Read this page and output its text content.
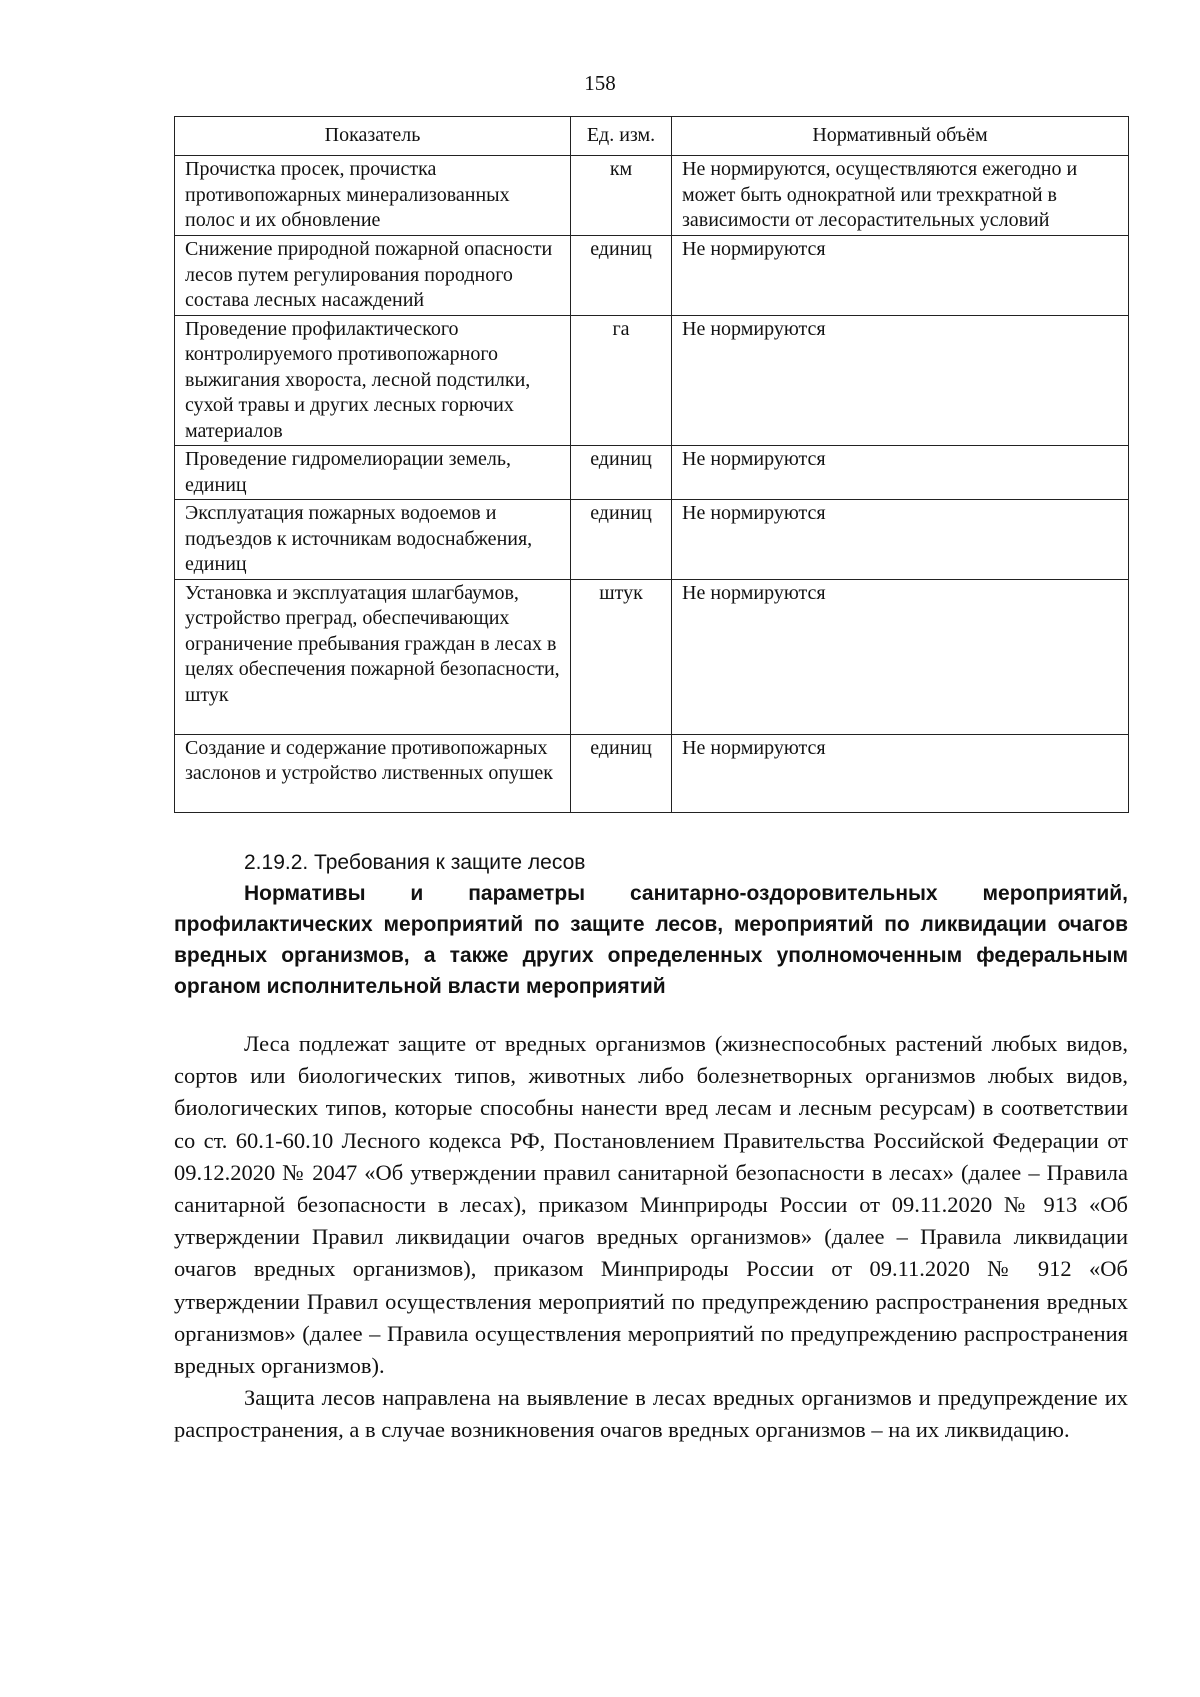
158
Показатель	Ед. изм.	Нормативный объём
Прочистка просек, прочистка противопожарных минерализованных полос и их обновление	км	Не нормируются, осуществляются ежегодно и может быть однократной или трехкратной в зависимости от лесорастительных условий
Снижение природной пожарной опасности лесов путем регулирования породного состава лесных насаждений	единиц	Не нормируются
Проведение профилактического контролируемого противопожарного выжигания хвороста, лесной подстилки, сухой травы и других лесных горючих материалов	га	Не нормируются
Проведение гидромелиорации земель, единиц	единиц	Не нормируются
Эксплуатация пожарных водоемов и подъездов к источникам водоснабжения, единиц	единиц	Не нормируются
Установка и эксплуатация шлагбаумов, устройство преград, обеспечивающих ограничение пребывания граждан в лесах в целях обеспечения пожарной безопасности, штук	штук	Не нормируются
Создание и содержание противопожарных заслонов и устройство лиственных опушек	единиц	Не нормируются
2.19.2. Требования к защите лесов
Нормативы и параметры санитарно-оздоровительных мероприятий, профилактических мероприятий по защите лесов, мероприятий по ликвидации очагов вредных организмов, а также других определенных уполномоченным федеральным органом исполнительной власти мероприятий

Леса подлежат защите от вредных организмов (жизнеспособных растений любых видов, сортов или биологических типов, животных либо болезнетворных организмов любых видов, биологических типов, которые способны нанести вред лесам и лесным ресурсам) в соответствии со ст. 60.1-60.10 Лесного кодекса РФ, Постановлением Правительства Российской Федерации от 09.12.2020 № 2047 «Об утверждении правил санитарной безопасности в лесах» (далее – Правила санитарной безопасности в лесах), приказом Минприроды России от 09.11.2020 № 913 «Об утверждении Правил ликвидации очагов вредных организмов» (далее – Правила ликвидации очагов вредных организмов), приказом Минприроды России от 09.11.2020 № 912 «Об утверждении Правил осуществления мероприятий по предупреждению распространения вредных организмов» (далее – Правила осуществления мероприятий по предупреждению распространения вредных организмов).

Защита лесов направлена на выявление в лесах вредных организмов и предупреждение их распространения, а в случае возникновения очагов вредных организмов – на их ликвидацию.
